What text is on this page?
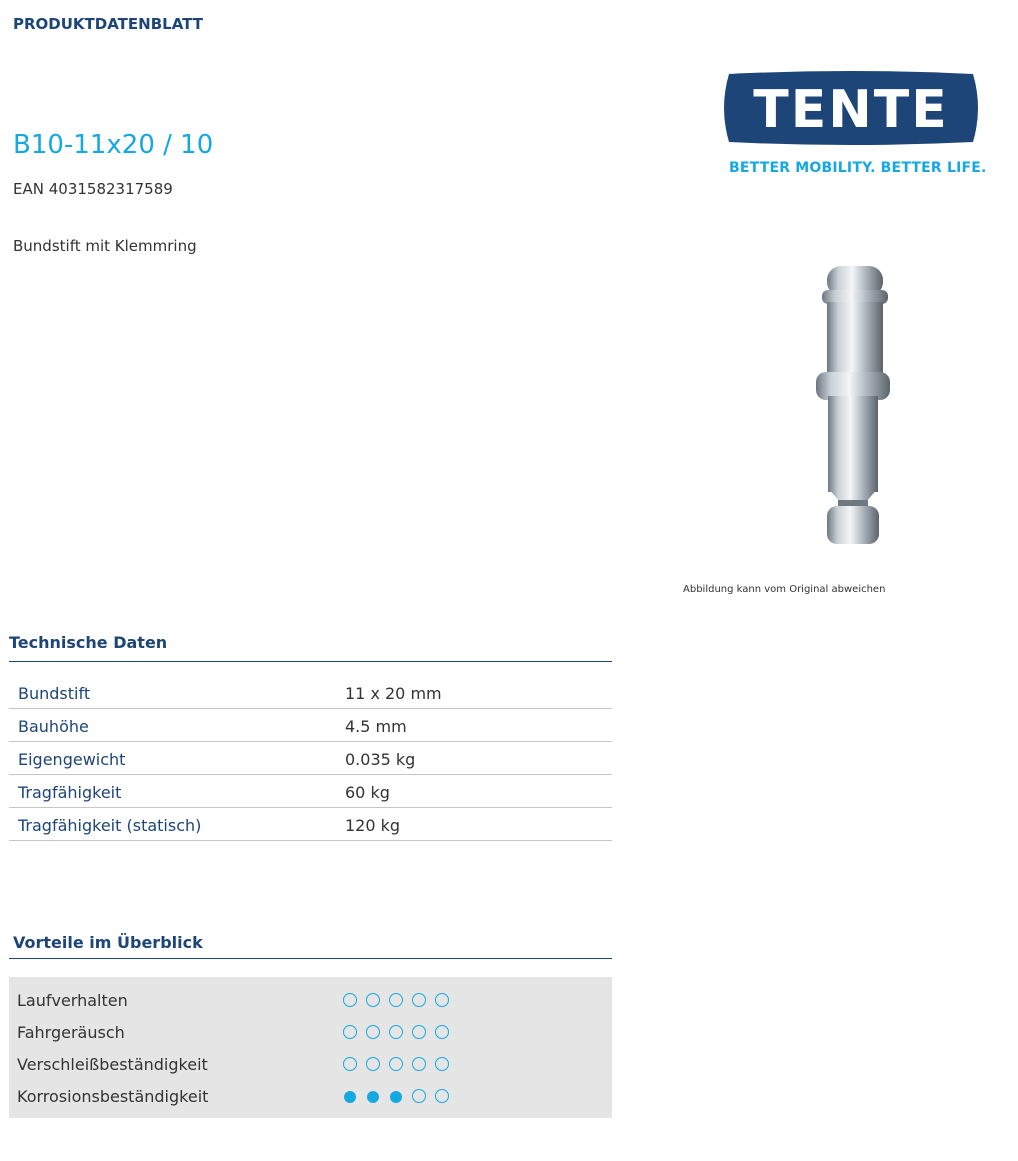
PRODUKTDATENBLATT
B10-11x20 / 10
EAN 4031582317589
Bundstift mit Klemmring
TENTE
BETTER MOBILITY. BETTER LIFE.
Abbildung kann vom Original abweichen
Technische Daten
Bundstift	11 x 20 mm
Bauhöhe	4.5 mm
Eigengewicht	0.035 kg
Tragfähigkeit	60 kg
Tragfähigkeit (statisch)	120 kg
Vorteile im Überblick
Laufverhalten
Fahrgeräusch
Verschleißbeständigkeit
Korrosionsbeständigkeit
